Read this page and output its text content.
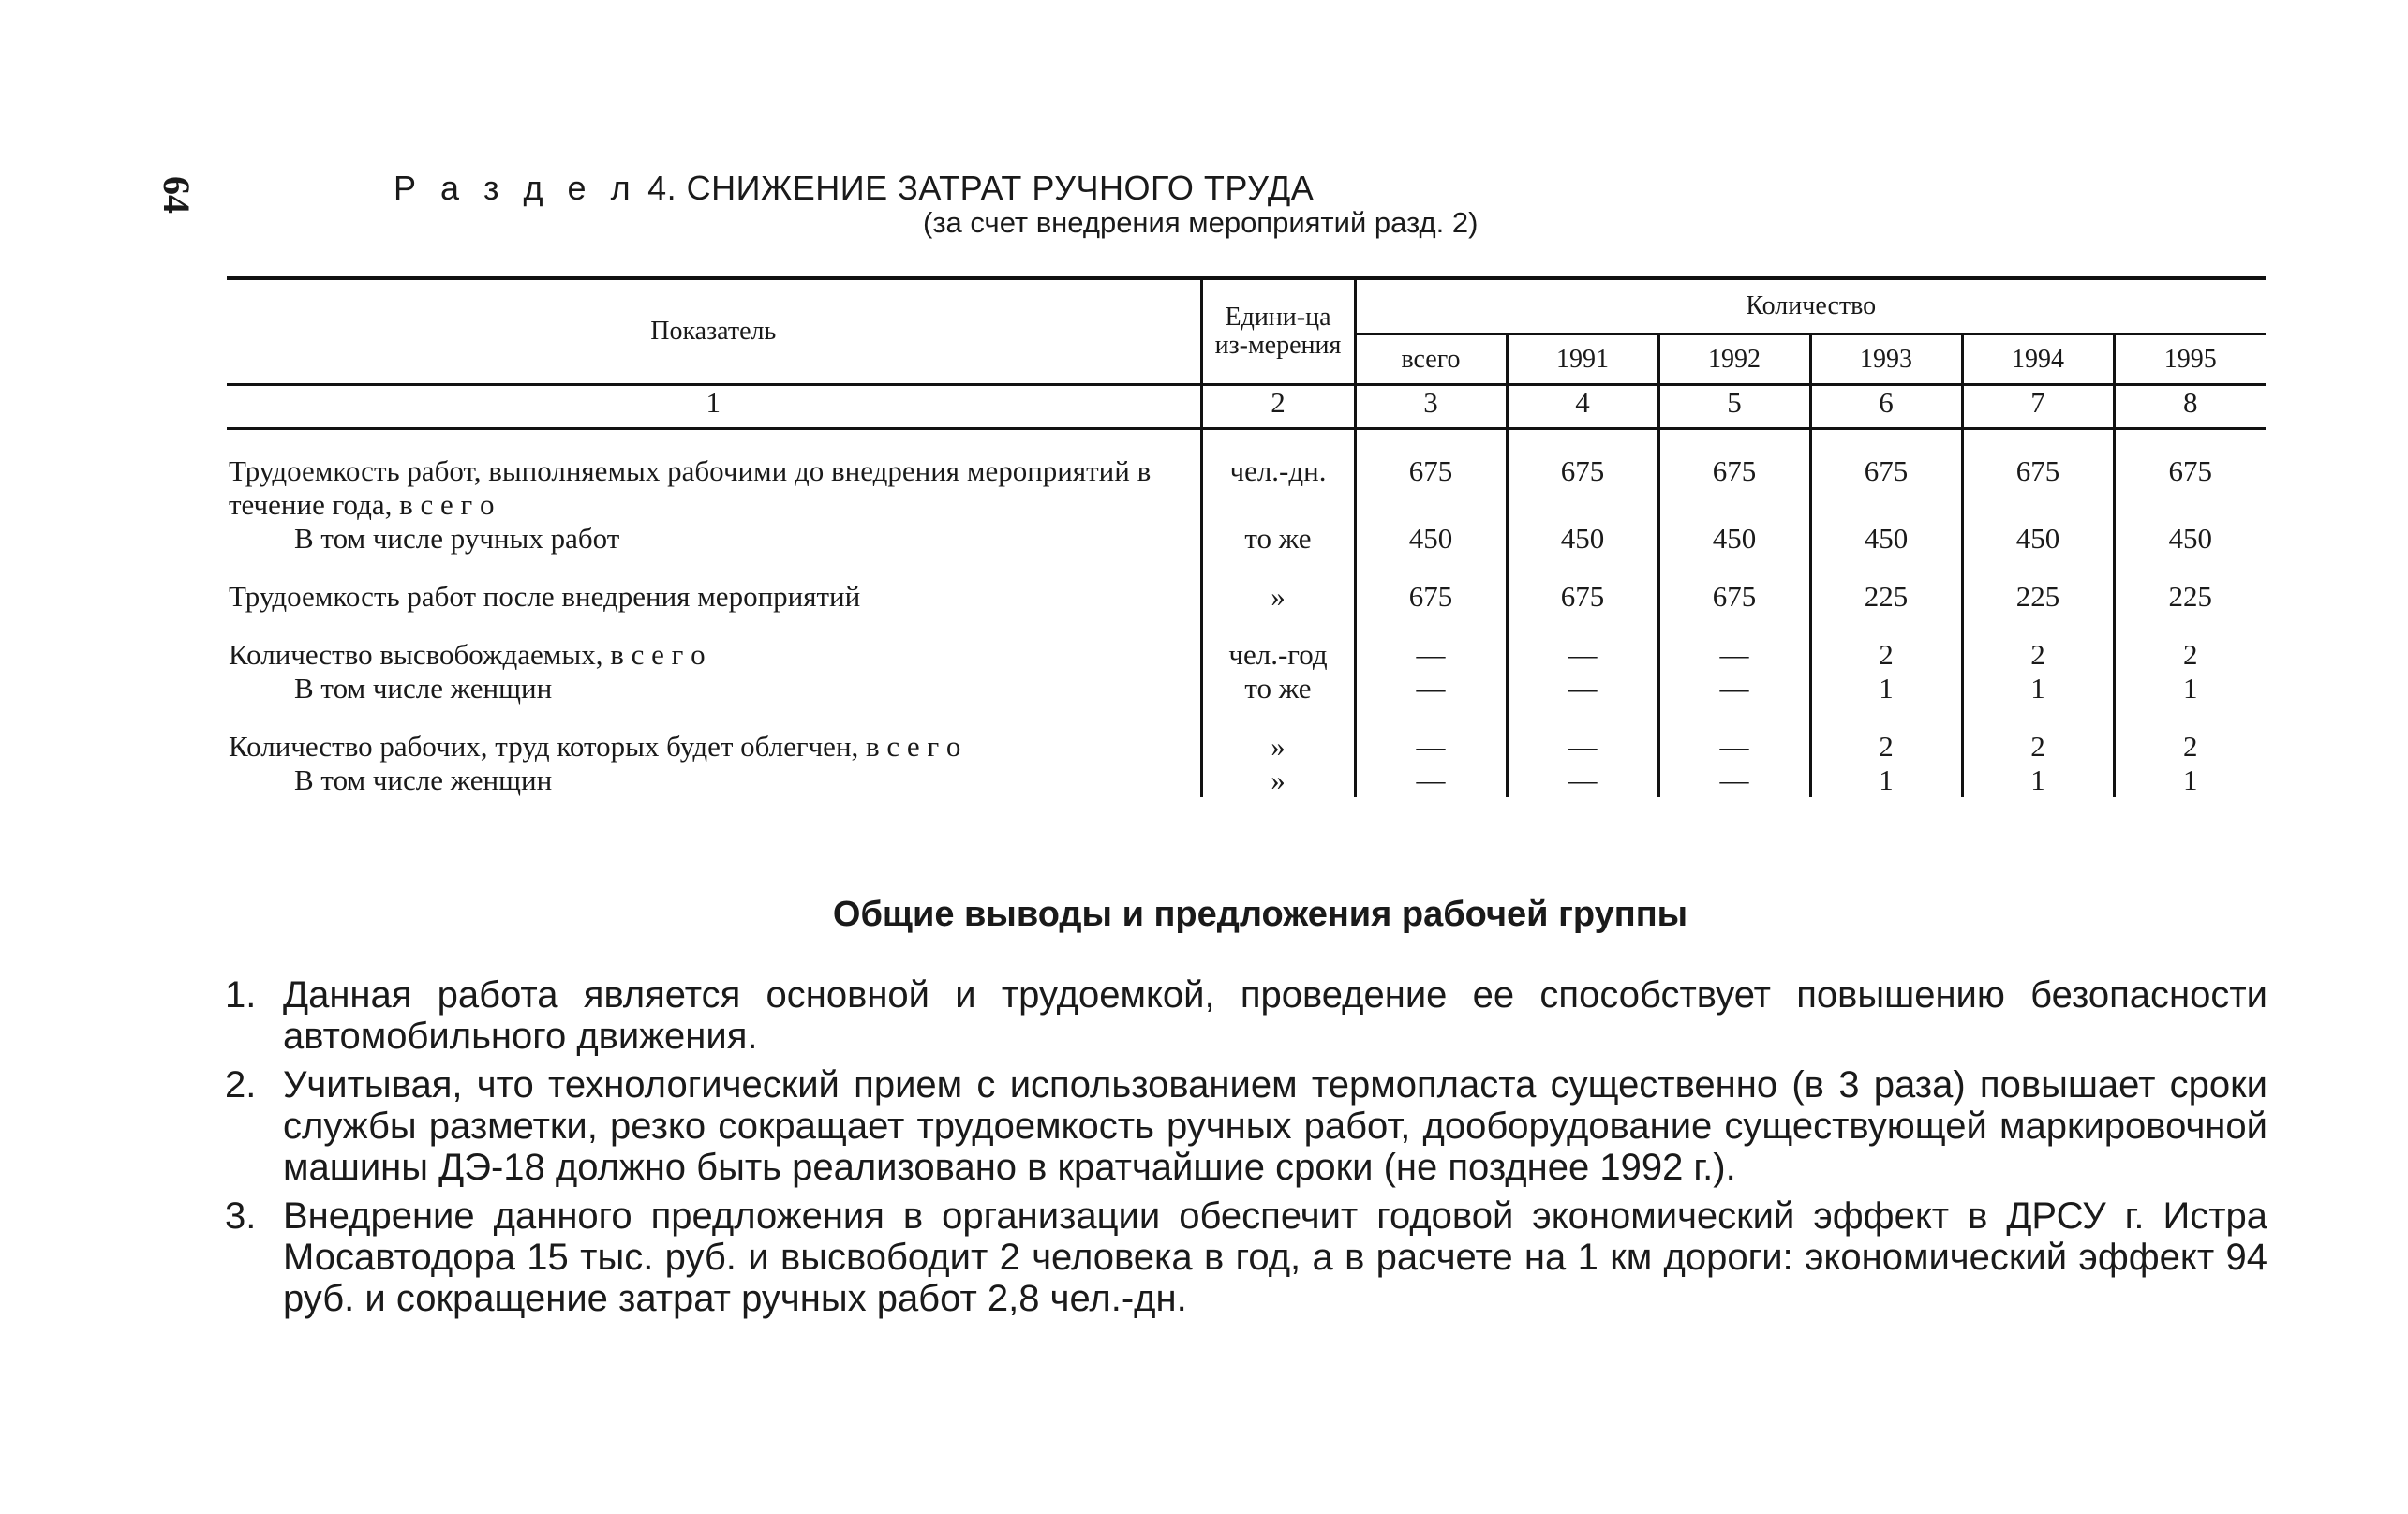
64	Р а з д е л 4. СНИЖЕНИЕ ЗАТРАТ РУЧНОГО ТРУДА
(за счет внедрения мероприятий разд. 2)
Показатель	Едини-ца из-мерения	Количество					
		всего	1991	1992	1993	1994	1995
1	2	3	4	5	6	7	8

Трудоемкость работ, выполняемых рабочими до внедрения мероприятий в течение года, в с е г о	чел.-дн.	675	675	675	675	675	675
В том числе ручных работ	то же	450	450	450	450	450	450

Трудоемкость работ после внедрения мероприятий	»	675	675	675	225	225	225

Количество высвобождаемых, в с е г о	чел.-год	—	—	—	2	2	2
В том числе женщин	то же	—	—	—	1	1	1

Количество рабочих, труд которых будет облегчен, в с е г о	»	—	—	—	2	2	2
В том числе женщин	»	—	—	—	1	1	1
Общие выводы и предложения рабочей группы
1. Данная работа является основной и трудоемкой, проведение ее способствует повышению безопасности автомобильного движения.
2. Учитывая, что технологический прием с использованием термопласта существенно (в 3 раза) повышает сроки службы разметки, резко сокращает трудоемкость ручных работ, дооборудование существующей маркировочной машины ДЭ-18 должно быть реализовано в кратчайшие сроки (не позднее 1992 г.).
3. Внедрение данного предложения в организации обеспечит годовой экономический эффект в ДРСУ г. Истра Мосавтодора 15 тыс. руб. и высвободит 2 человека в год, а в расчете на 1 км дороги: экономический эффект 94 руб. и сокращение затрат ручных работ 2,8 чел.-дн.
